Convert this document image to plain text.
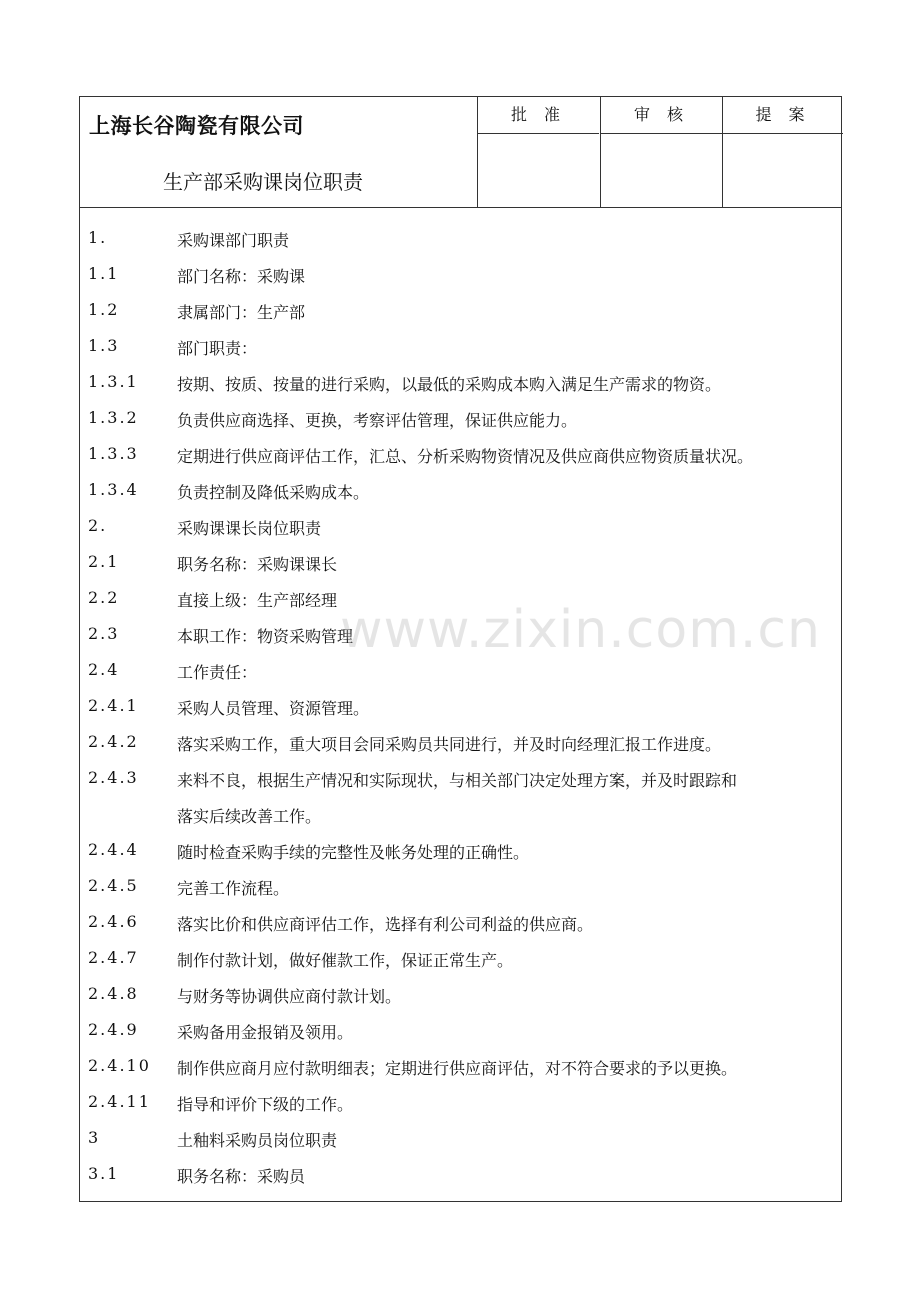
上海长谷陶瓷有限公司
生产部采购课岗位职责
批 准	审 核	提 案
1.	采购课部门职责
1.1	部门名称：采购课
1.2	隶属部门：生产部
1.3	部门职责：
1.3.1	按期、按质、按量的进行采购，以最低的采购成本购入满足生产需求的物资。
1.3.2	负责供应商选择、更换，考察评估管理，保证供应能力。
1.3.3	定期进行供应商评估工作，汇总、分析采购物资情况及供应商供应物资质量状况。
1.3.4	负责控制及降低采购成本。
2.	采购课课长岗位职责
2.1	职务名称：采购课课长
2.2	直接上级：生产部经理
2.3	本职工作：物资采购管理
2.4	工作责任：
2.4.1	采购人员管理、资源管理。
2.4.2	落实采购工作，重大项目会同采购员共同进行，并及时向经理汇报工作进度。
2.4.3	来料不良，根据生产情况和实际现状，与相关部门决定处理方案，并及时跟踪和
落实后续改善工作。
2.4.4	随时检查采购手续的完整性及帐务处理的正确性。
2.4.5	完善工作流程。
2.4.6	落实比价和供应商评估工作，选择有利公司利益的供应商。
2.4.7	制作付款计划，做好催款工作，保证正常生产。
2.4.8	与财务等协调供应商付款计划。
2.4.9	采购备用金报销及领用。
2.4.10	制作供应商月应付款明细表；定期进行供应商评估，对不符合要求的予以更换。
2.4.11	指导和评价下级的工作。
3	土釉料采购员岗位职责
3.1	职务名称：采购员
www.zixin.com.cn
